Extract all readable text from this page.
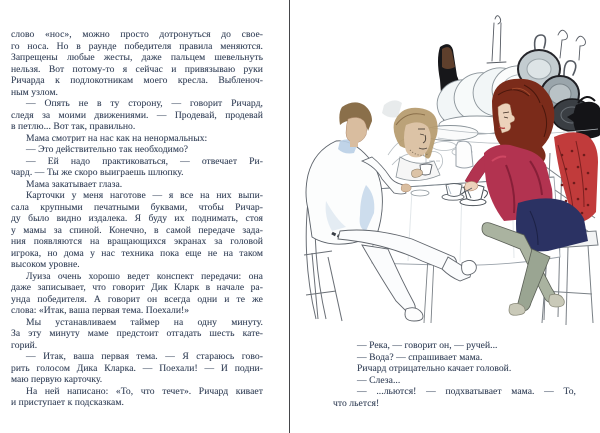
слово «нос», можно просто дотронуться до свое-
го носа. Но в раунде победителя правила меняются.
Запрещены любые жесты, даже пальцем шевельнуть
нельзя. Вот потому-то я сейчас и привязываю руки
Ричарда к подлокотникам моего кресла. Выбленоч-
ным узлом.
— Опять не в ту сторону, — говорит Ричард,
следя за моими движениями. — Продевай, продевай
в петлю... Вот так, правильно.
Мама смотрит на нас как на ненормальных:
— Это действительно так необходимо?
— Ей надо практиковаться, — отвечает Ри-
чард. — Ты же скоро выиграешь шлюпку.
Мама закатывает глаза.
Карточки у меня наготове — я все на них выпи-
сала крупными печатными буквами, чтобы Ричар-
ду было видно издалека. Я буду их поднимать, стоя
у мамы за спиной. Конечно, в самой передаче зада-
ния появляются на вращающихся экранах за головой
игрока, но дома у нас техника пока еще не на таком
высоком уровне.
Луиза очень хорошо ведет конспект передачи: она
даже записывает, что говорит Дик Кларк в начале ра-
унда победителя. А говорит он всегда одни и те же
слова: «Итак, ваша первая тема. Поехали!»
Мы устанавливаем таймер на одну минуту.
За эту минуту маме предстоит отгадать шесть кате-
горий.
— Итак, ваша первая тема. — Я стараюсь гово-
рить голосом Дика Кларка. — Поехали! — И подни-
маю первую карточку.
На ней написано: «То, что течет». Ричард кивает
и приступает к подсказкам.
— Река, — говорит он, — ручей...
— Вода? — спрашивает мама.
Ричард отрицательно качает головой.
— Слеза...
— ...льются! — подхватывает мама. — То,
что льется!
